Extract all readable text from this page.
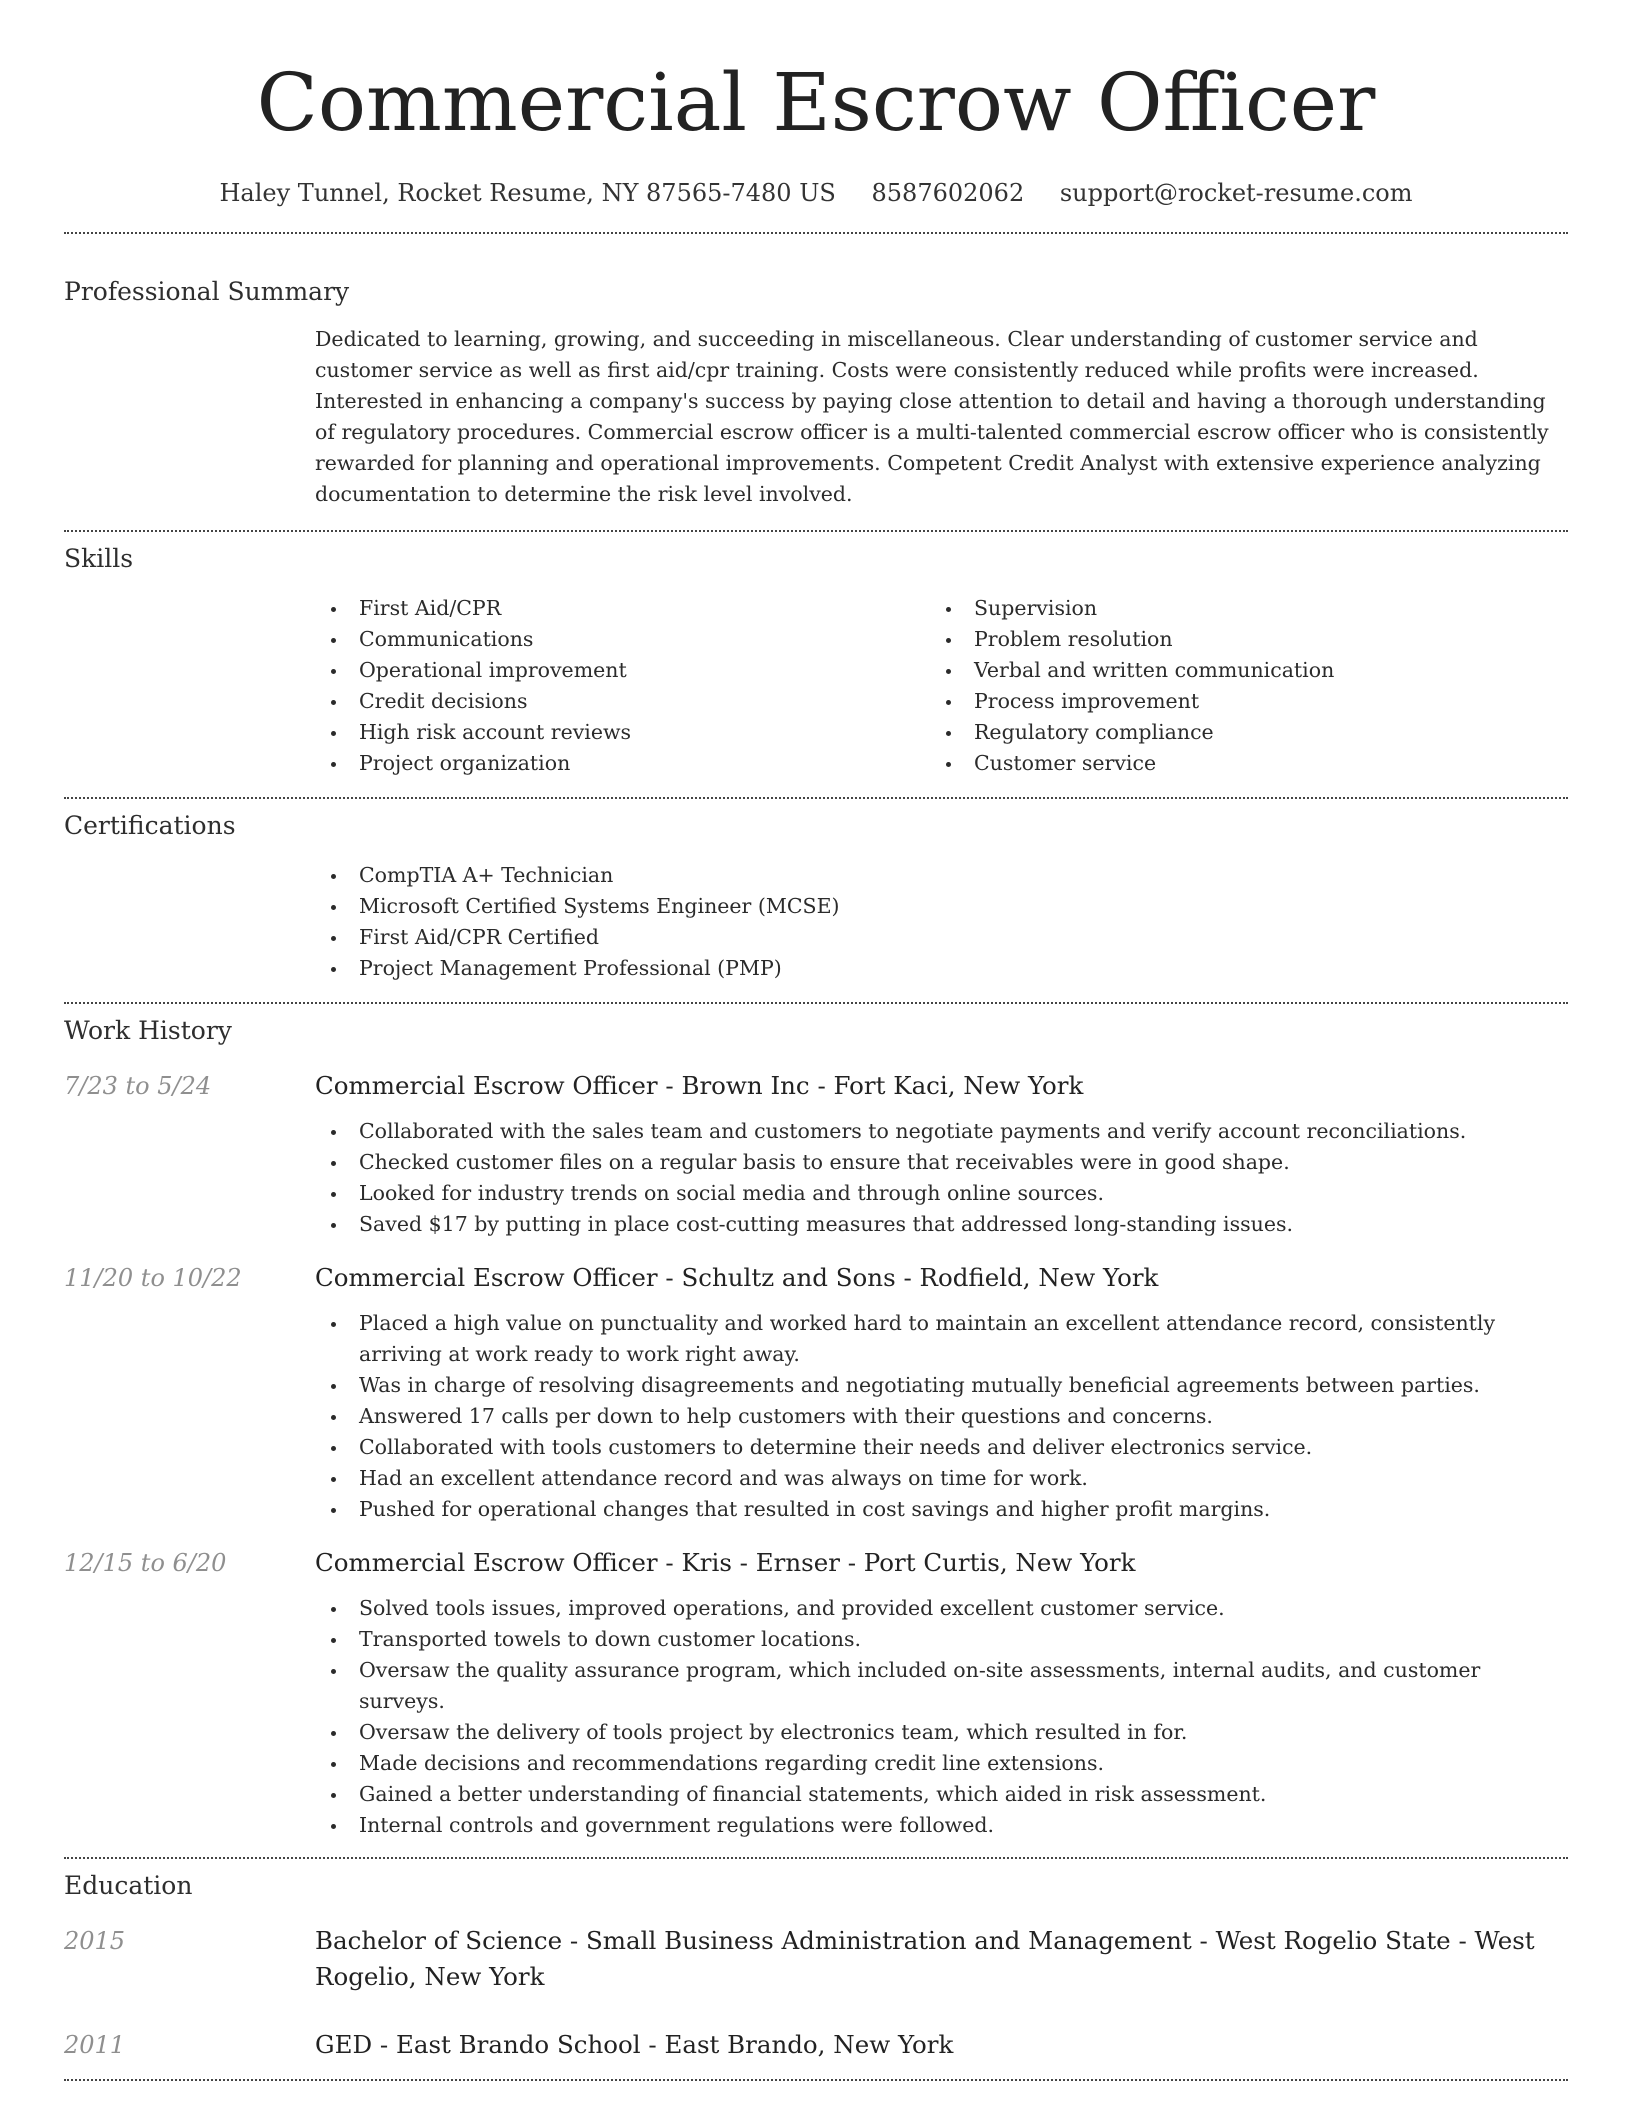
Commercial Escrow Officer
Haley Tunnel, Rocket Resume, NY 87565-7480 US 8587602062 support@rocket-resume.com
Professional Summary
Dedicated to learning, growing, and succeeding in miscellaneous. Clear understanding of customer service and customer service as well as first aid/cpr training. Costs were consistently reduced while profits were increased. Interested in enhancing a company's success by paying close attention to detail and having a thorough understanding of regulatory procedures. Commercial escrow officer is a multi-talented commercial escrow officer who is consistently rewarded for planning and operational improvements. Competent Credit Analyst with extensive experience analyzing documentation to determine the risk level involved.
Skills
First Aid/CPR
Communications
Operational improvement
Credit decisions
High risk account reviews
Project organization
Supervision
Problem resolution
Verbal and written communication
Process improvement
Regulatory compliance
Customer service
Certifications
CompTIA A+ Technician
Microsoft Certified Systems Engineer (MCSE)
First Aid/CPR Certified
Project Management Professional (PMP)
Work History
7/23 to 5/24	Commercial Escrow Officer - Brown Inc - Fort Kaci, New York
Collaborated with the sales team and customers to negotiate payments and verify account reconciliations.
Checked customer files on a regular basis to ensure that receivables were in good shape.
Looked for industry trends on social media and through online sources.
Saved $17 by putting in place cost-cutting measures that addressed long-standing issues.
11/20 to 10/22	Commercial Escrow Officer - Schultz and Sons - Rodfield, New York
Placed a high value on punctuality and worked hard to maintain an excellent attendance record, consistently arriving at work ready to work right away.
Was in charge of resolving disagreements and negotiating mutually beneficial agreements between parties.
Answered 17 calls per down to help customers with their questions and concerns.
Collaborated with tools customers to determine their needs and deliver electronics service.
Had an excellent attendance record and was always on time for work.
Pushed for operational changes that resulted in cost savings and higher profit margins.
12/15 to 6/20	Commercial Escrow Officer - Kris - Ernser - Port Curtis, New York
Solved tools issues, improved operations, and provided excellent customer service.
Transported towels to down customer locations.
Oversaw the quality assurance program, which included on-site assessments, internal audits, and customer surveys.
Oversaw the delivery of tools project by electronics team, which resulted in for.
Made decisions and recommendations regarding credit line extensions.
Gained a better understanding of financial statements, which aided in risk assessment.
Internal controls and government regulations were followed.
Education
2015	Bachelor of Science - Small Business Administration and Management - West Rogelio State - West Rogelio, New York
2011	GED - East Brando School - East Brando, New York
